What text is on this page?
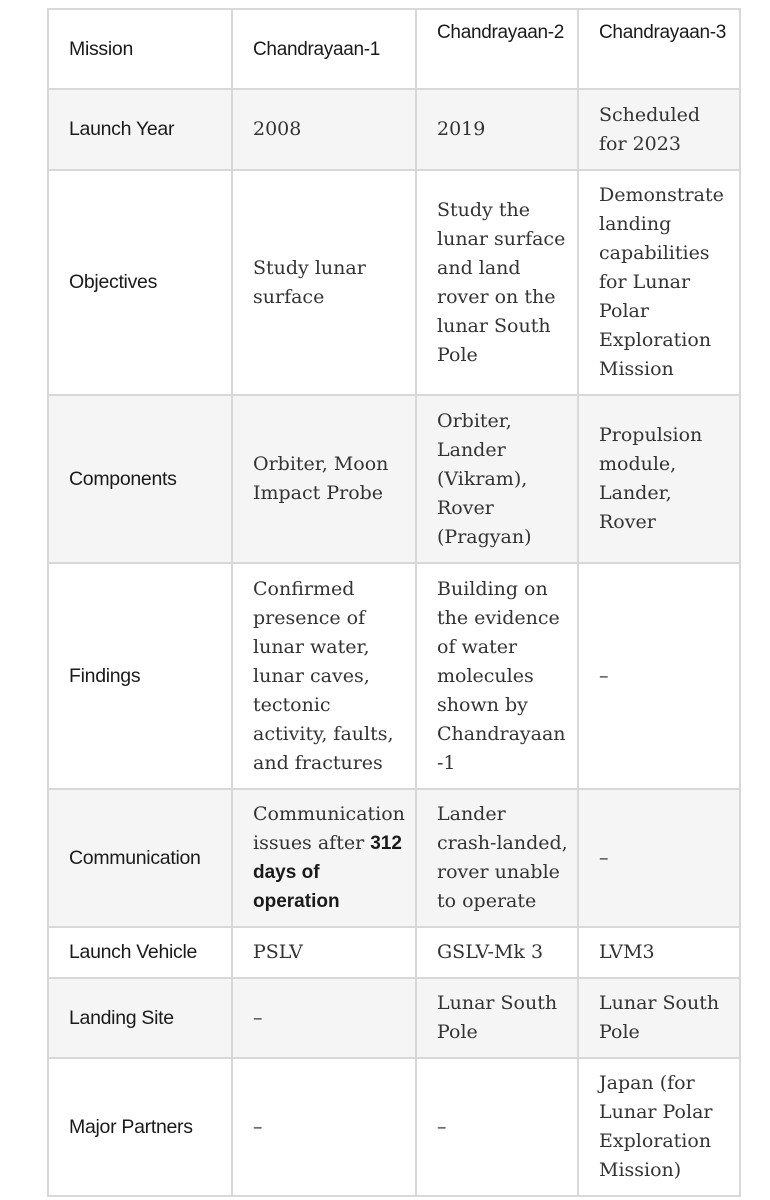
Mission	Chandrayaan-1	Chandrayaan-2	Chandrayaan-3
Launch Year	2008	2019	Scheduled for 2023
Objectives	Study lunar surface	Study the lunar surface and land rover on the lunar South Pole	Demonstrate landing capabilities for Lunar Polar Exploration Mission
Components	Orbiter, Moon Impact Probe	Orbiter, Lander (Vikram), Rover (Pragyan)	Propulsion module, Lander, Rover
Findings	Confirmed presence of lunar water, lunar caves, tectonic activity, faults, and fractures	Building on the evidence of water molecules shown by Chandrayaan-1	–
Communication	Communication issues after 312 days of operation	Lander crash-landed, rover unable to operate	–
Launch Vehicle	PSLV	GSLV-Mk 3	LVM3
Landing Site	–	Lunar South Pole	Lunar South Pole
Major Partners	–	–	Japan (for Lunar Polar Exploration Mission)
